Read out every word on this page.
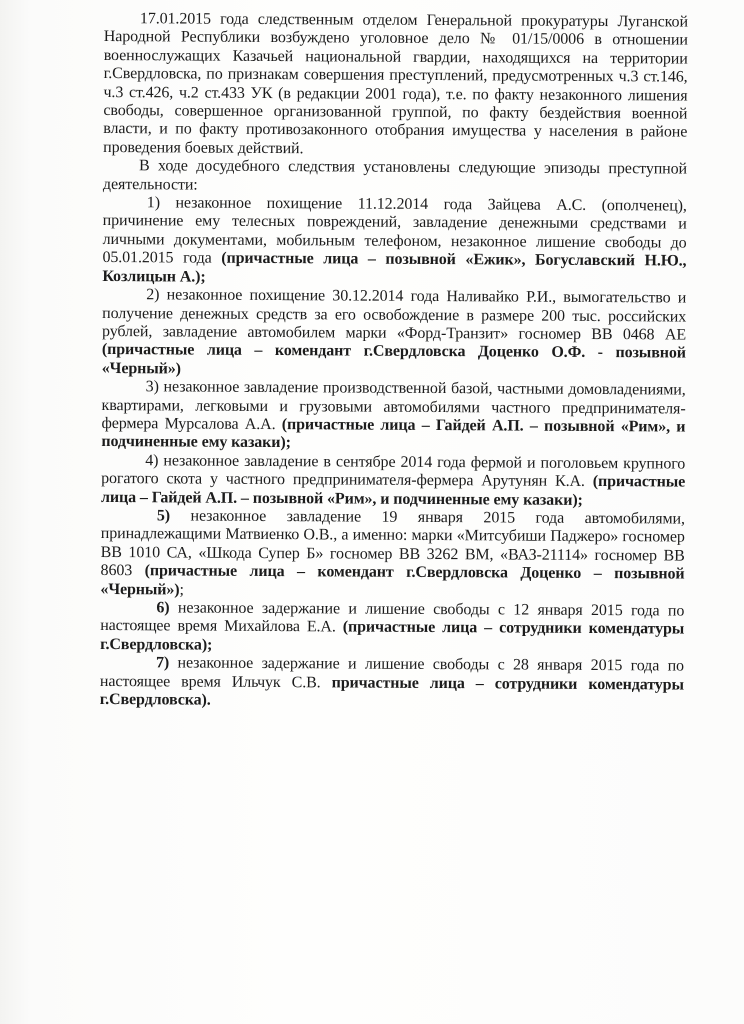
17.01.2015 года следственным отделом Генеральной прокуратуры Луганской Народной Республики возбуждено уголовное дело № 01/15/0006 в отношении военнослужащих Казачьей национальной гвардии, находящихся на территории г.Свердловска, по признакам совершения преступлений, предусмотренных ч.3 ст.146, ч.3 ст.426, ч.2 ст.433 УК (в редакции 2001 года), т.е. по факту незаконного лишения свободы, совершенное организованной группой, по факту бездействия военной власти, и по факту противозаконного отобрания имущества у населения в районе проведения боевых действий.

В ходе досудебного следствия установлены следующие эпизоды преступной деятельности:

1) незаконное похищение 11.12.2014 года Зайцева А.С. (ополченец), причинение ему телесных повреждений, завладение денежными средствами и личными документами, мобильным телефоном, незаконное лишение свободы до 05.01.2015 года (причастные лица – позывной «Ежик», Богуславский Н.Ю., Козлицын А.);

2) незаконное похищение 30.12.2014 года Наливайко Р.И., вымогательство и получение денежных средств за его освобождение в размере 200 тыс. российских рублей, завладение автомобилем марки «Форд-Транзит» госномер ВВ 0468 АЕ (причастные лица – комендант г.Свердловска Доценко О.Ф. - позывной «Черный»)

3) незаконное завладение производственной базой, частными домовладениями, квартирами, легковыми и грузовыми автомобилями частного предпринимателя-фермера Мурсалова А.А. (причастные лица – Гайдей А.П. – позывной «Рим», и подчиненные ему казаки);

4) незаконное завладение в сентябре 2014 года фермой и поголовьем крупного рогатого скота у частного предпринимателя-фермера Арутунян К.А. (причастные лица – Гайдей А.П. – позывной «Рим», и подчиненные ему казаки);

5) незаконное завладение 19 января 2015 года автомобилями, принадлежащими Матвиенко О.В., а именно: марки «Митсубиши Паджеро» госномер ВВ 1010 СА, «Шкода Супер Б» госномер ВВ 3262 ВМ, «ВАЗ-21114» госномер ВВ 8603 (причастные лица – комендант г.Свердловска Доценко – позывной «Черный»);

6) незаконное задержание и лишение свободы с 12 января 2015 года по настоящее время Михайлова Е.А. (причастные лица – сотрудники комендатуры г.Свердловска);

7) незаконное задержание и лишение свободы с 28 января 2015 года по настоящее время Ильчук С.В. причастные лица – сотрудники комендатуры г.Свердловска).
